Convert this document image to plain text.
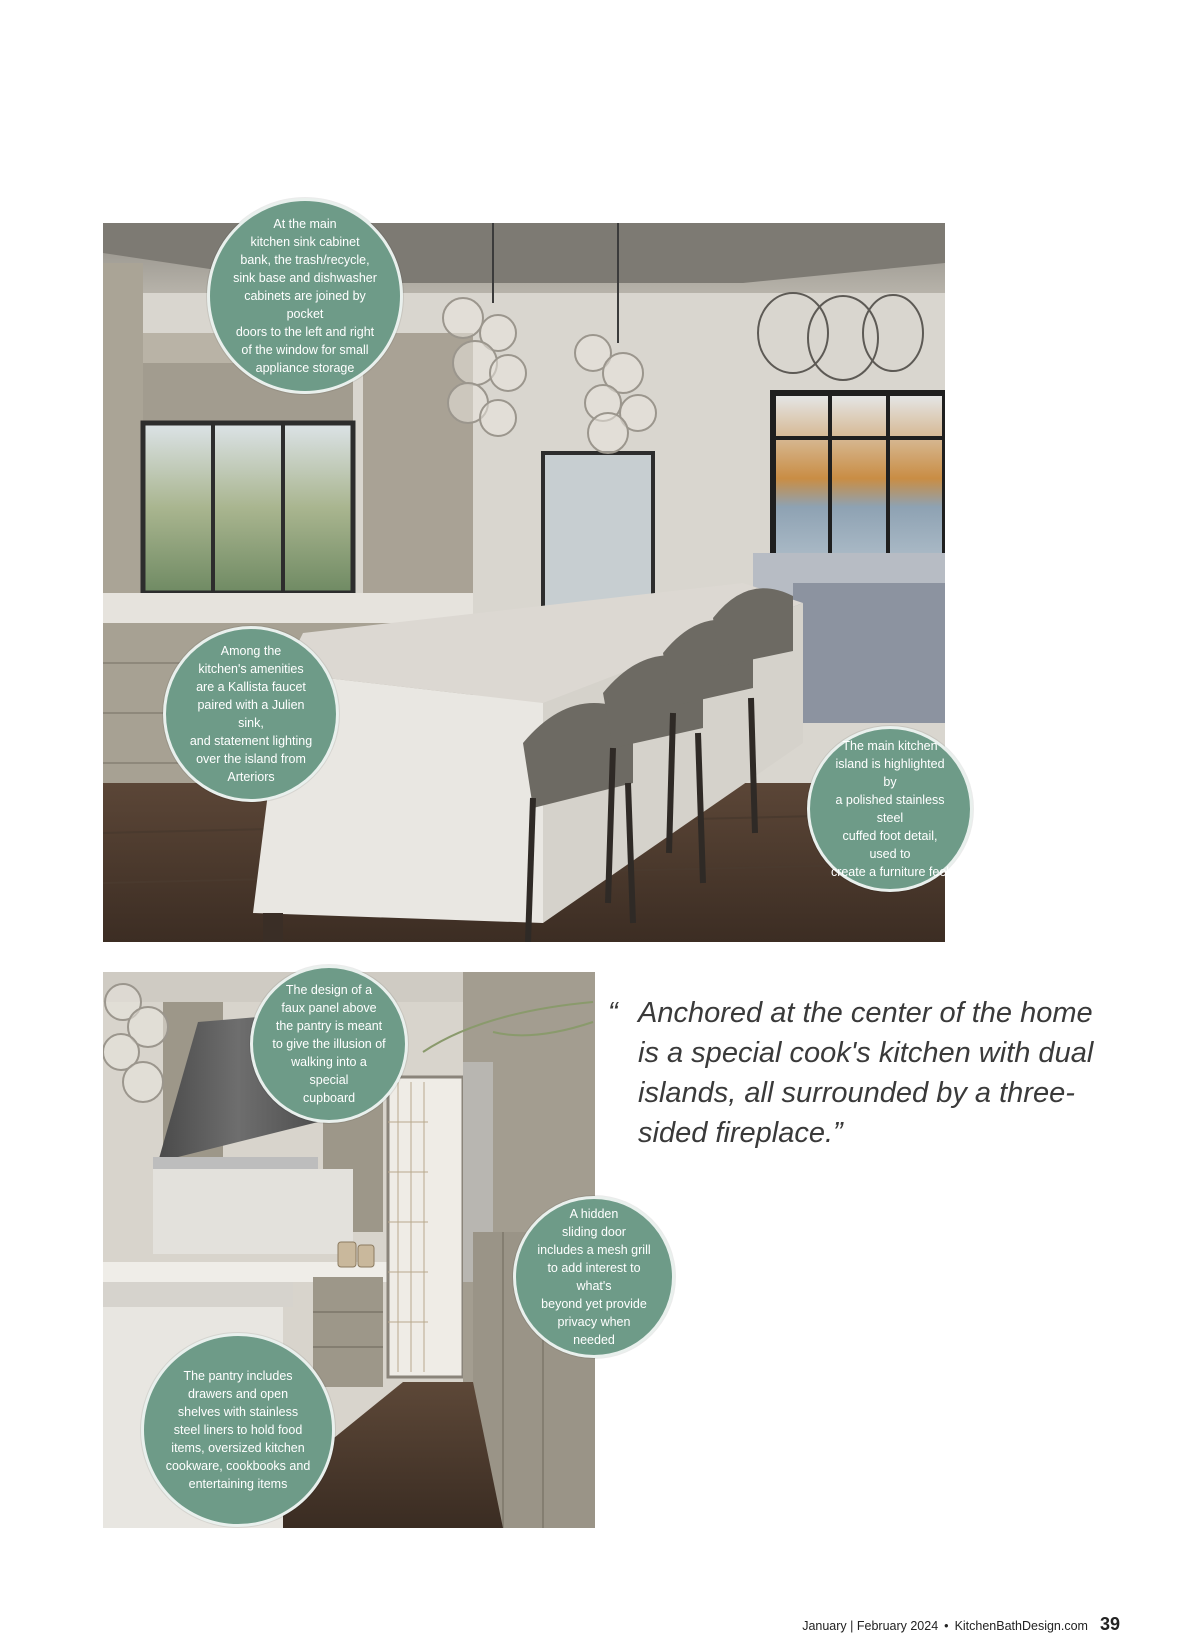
At the main
kitchen sink cabinet
bank, the trash/recycle,
sink base and dishwasher
cabinets are joined by pocket
doors to the left and right
of the window for small
appliance storage
Among the
kitchen's amenities
are a Kallista faucet
paired with a Julien sink,
and statement lighting
over the island from
Arteriors
The main kitchen
island is highlighted by
a polished stainless steel
cuffed foot detail, used to
create a furniture feel
The design of a
faux panel above
the pantry is meant
to give the illusion of
walking into a special
cupboard
A hidden
sliding door
includes a mesh grill
to add interest to what's
beyond yet provide
privacy when
needed
The pantry includes
drawers and open
shelves with stainless
steel liners to hold food
items, oversized kitchen
cookware, cookbooks and
entertaining items
“ Anchored at the center of the home is a special cook's kitchen with dual islands, all surrounded by a three-sided fireplace.”
January | February 2024 • KitchenBathDesign.com 39
